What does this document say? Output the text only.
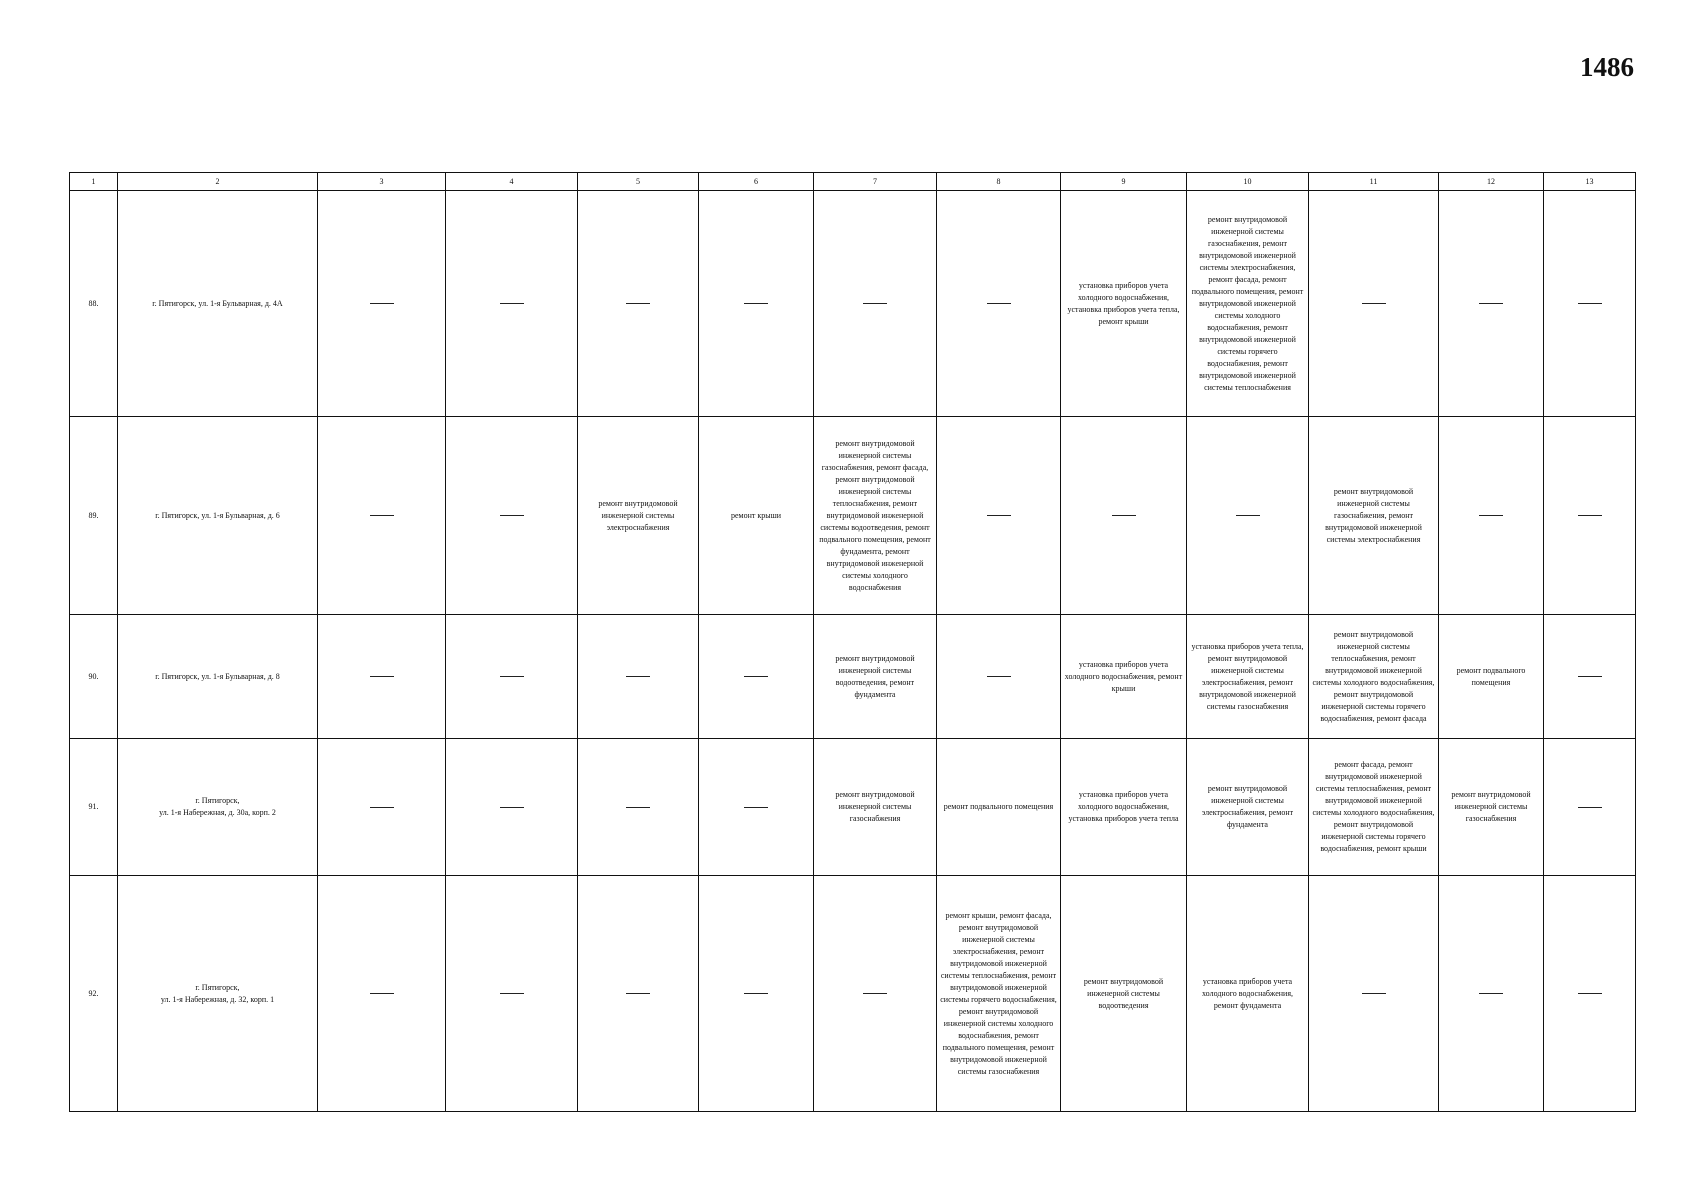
1486
1	2	3	4	5	6	7	8	9	10	11	12	13
88.	г. Пятигорск, ул. 1-я Бульварная, д. 4А							установка приборов учета холодного водоснабжения, установка приборов учета тепла, ремонт крыши	ремонт внутридомовой инженерной системы газоснабжения, ремонт внутридомовой инженерной системы электроснабжения, ремонт фасада, ремонт подвального помещения, ремонт внутридомовой инженерной системы холодного водоснабжения, ремонт внутридомовой инженерной системы горячего водоснабжения, ремонт внутридомовой инженерной системы теплоснабжения			
89.	г. Пятигорск, ул. 1-я Бульварная, д. 6			ремонт внутридомовой инженерной системы электроснабжения	ремонт крыши	ремонт внутридомовой инженерной системы газоснабжения, ремонт фасада, ремонт внутридомовой инженерной системы теплоснабжения, ремонт внутридомовой инженерной системы водоотведения, ремонт подвального помещения, ремонт фундамента, ремонт внутридомовой инженерной системы холодного водоснабжения				ремонт внутридомовой инженерной системы газоснабжения, ремонт внутридомовой инженерной системы электроснабжения		
90.	г. Пятигорск, ул. 1-я Бульварная, д. 8					ремонт внутридомовой инженерной системы водоотведения, ремонт фундамента		установка приборов учета холодного водоснабжения, ремонт крыши	установка приборов учета тепла, ремонт внутридомовой инженерной системы электроснабжения, ремонт внутридомовой инженерной системы газоснабжения	ремонт внутридомовой инженерной системы теплоснабжения, ремонт внутридомовой инженерной системы холодного водоснабжения, ремонт внутридомовой инженерной системы горячего водоснабжения, ремонт фасада	ремонт подвального помещения	
91.	г. Пятигорск,
ул. 1-я Набережная, д. 30а, корп. 2					ремонт внутридомовой инженерной системы газоснабжения	ремонт подвального помещения	установка приборов учета холодного водоснабжения, установка приборов учета тепла	ремонт внутридомовой инженерной системы электроснабжения, ремонт фундамента	ремонт фасада, ремонт внутридомовой инженерной системы теплоснабжения, ремонт внутридомовой инженерной системы холодного водоснабжения, ремонт внутридомовой инженерной системы горячего водоснабжения, ремонт крыши	ремонт внутридомовой инженерной системы газоснабжения	
92.	г. Пятигорск,
ул. 1-я Набережная, д. 32, корп. 1						ремонт крыши, ремонт фасада, ремонт внутридомовой инженерной системы электроснабжения, ремонт внутридомовой инженерной системы теплоснабжения, ремонт внутридомовой инженерной системы горячего водоснабжения, ремонт внутридомовой инженерной системы холодного водоснабжения, ремонт подвального помещения, ремонт внутридомовой инженерной системы газоснабжения	ремонт внутридомовой инженерной системы водоотведения	установка приборов учета холодного водоснабжения, ремонт фундамента			
